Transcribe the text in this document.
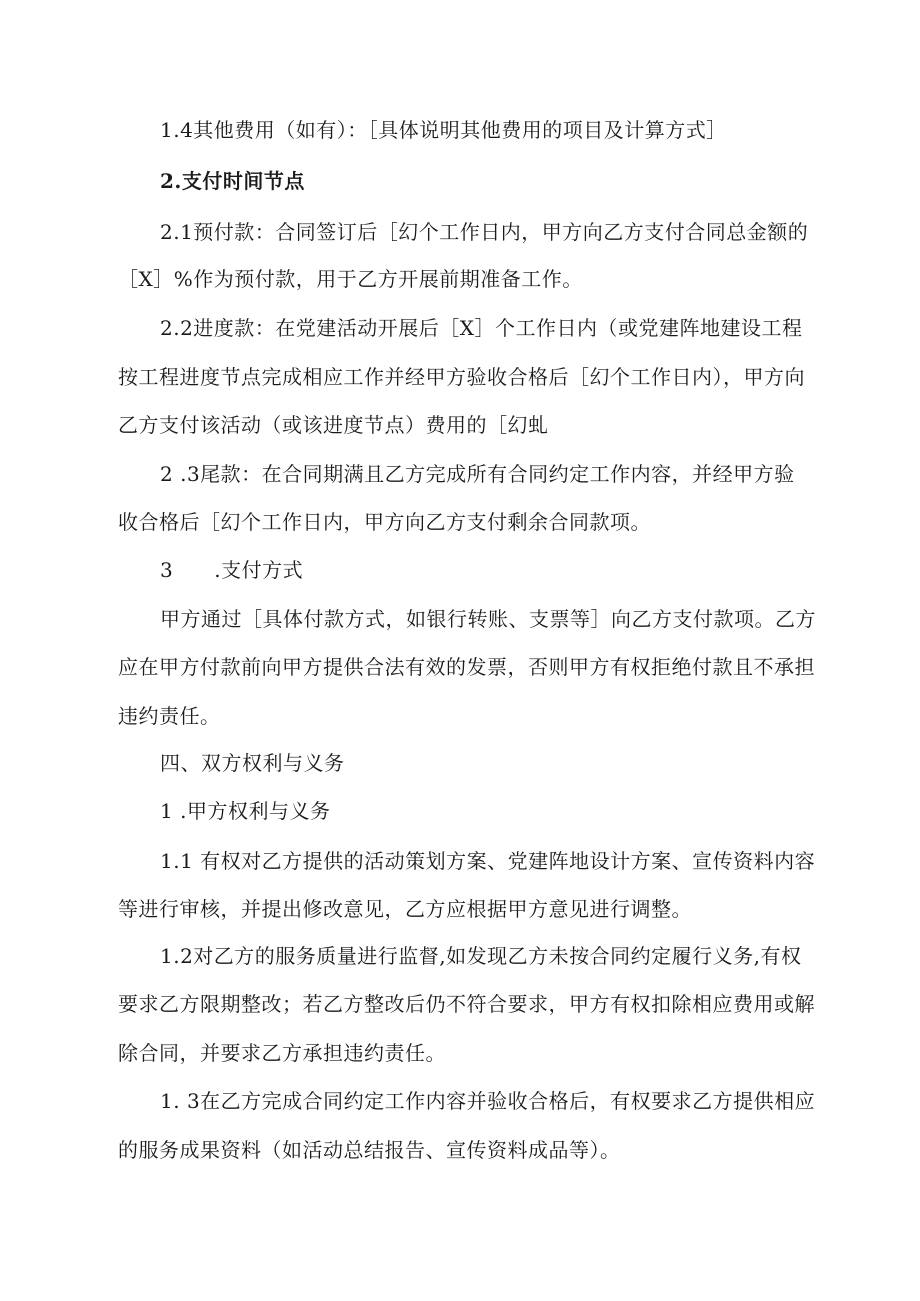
1.4其他费用（如有）：［具体说明其他费用的项目及计算方式］

2.支付时间节点

2.1预付款：合同签订后［幻个工作日内，甲方向乙方支付合同总金额的

［X］%作为预付款，用于乙方开展前期准备工作。

2.2进度款：在党建活动开展后［X］个工作日内（或党建阵地建设工程

按工程进度节点完成相应工作并经甲方验收合格后［幻个工作日内），甲方向

乙方支付该活动（或该进度节点）费用的［幻虬

2 .3尾款：在合同期满且乙方完成所有合同约定工作内容，并经甲方验

收合格后［幻个工作日内，甲方向乙方支付剩余合同款项。

3　　.支付方式

甲方通过［具体付款方式，如银行转账、支票等］向乙方支付款项。乙方

应在甲方付款前向甲方提供合法有效的发票，否则甲方有权拒绝付款且不承担

违约责任。

四、双方权利与义务

1 .甲方权利与义务

1.1 有权对乙方提供的活动策划方案、党建阵地设计方案、宣传资料内容

等进行审核，并提出修改意见，乙方应根据甲方意见进行调整。

1.2对乙方的服务质量进行监督,如发现乙方未按合同约定履行义务,有权

要求乙方限期整改；若乙方整改后仍不符合要求，甲方有权扣除相应费用或解

除合同，并要求乙方承担违约责任。

1. 3在乙方完成合同约定工作内容并验收合格后，有权要求乙方提供相应

的服务成果资料（如活动总结报告、宣传资料成品等）。
